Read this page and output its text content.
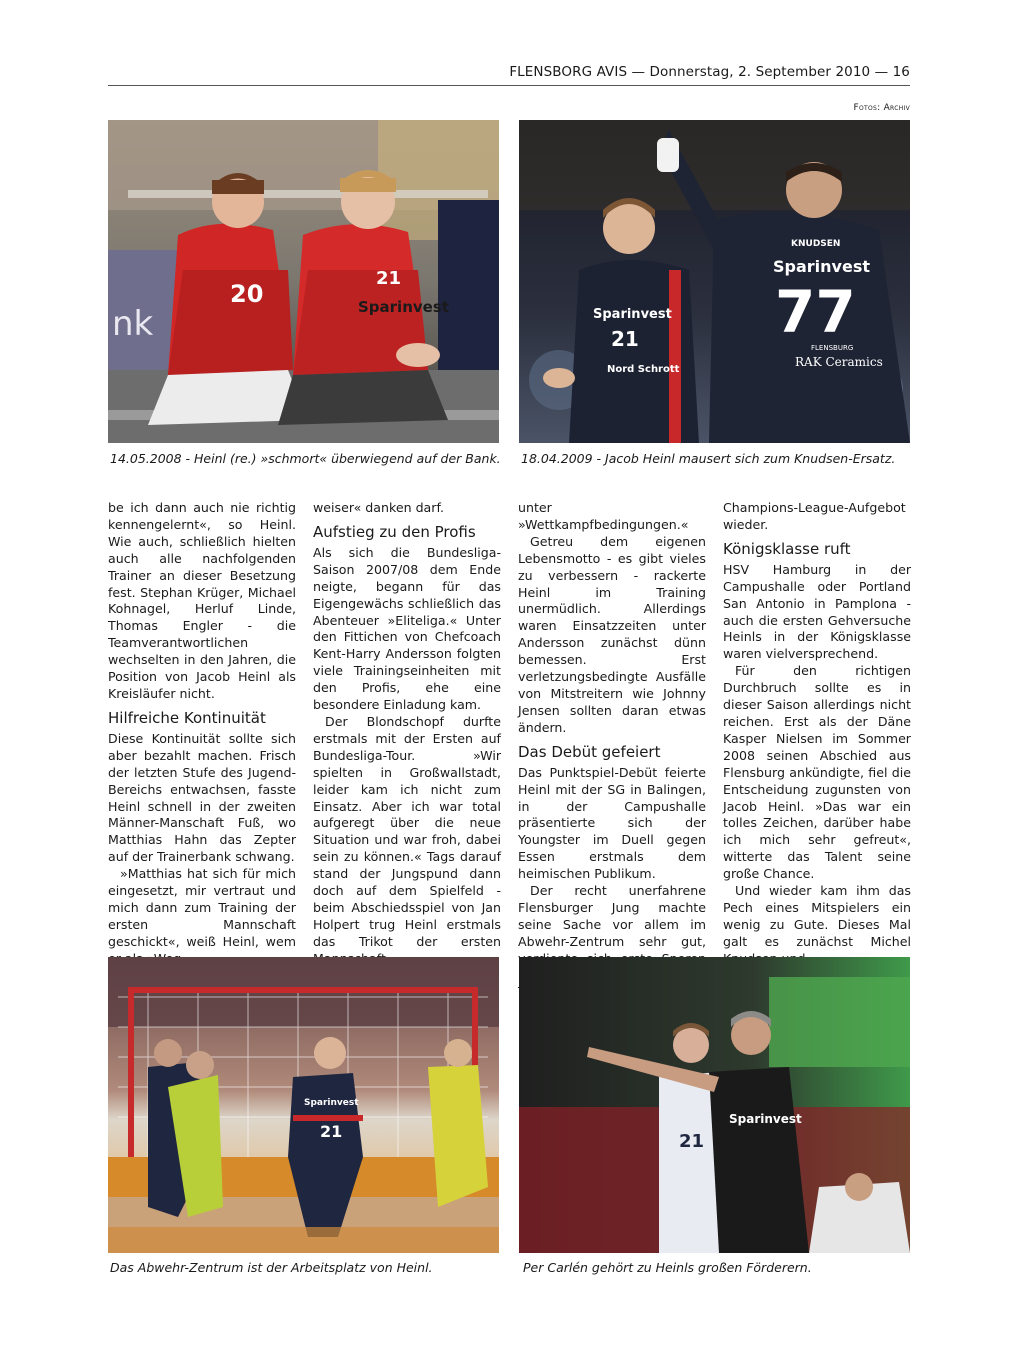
FLENSBORG AVIS — Donnerstag, 2. September 2010 — 16
Fotos: Archiv
nk
20
21
Sparinvest	Sparinvest
21
Nord Schrott
KNUDSEN
Sparinvest
77
FLENSBURG
RAK Ceramics
14.05.2008 - Heinl (re.) »schmort« überwiegend auf der Bank. 18.04.2009 - Jacob Heinl mausert sich zum Knudsen-Ersatz.

be ich dann auch nie richtig kennengelernt«, so Heinl. Wie auch, schließlich hielten auch alle nachfolgenden Trainer an dieser Besetzung fest. Stephan Krüger, Michael Kohnagel, Herluf Linde, Thomas Engler - die Teamverantwortlichen wechselten in den Jahren, die Position von Jacob Heinl als Kreisläufer nicht.

Hilfreiche Kontinuität

Diese Kontinuität sollte sich aber bezahlt machen. Frisch der letzten Stufe des Jugend-Bereichs entwachsen, fasste Heinl schnell in der zweiten Männer-Manschaft Fuß, wo Matthias Hahn das Zepter auf der Trainerbank schwang.

»Matthias hat sich für mich eingesetzt, mir vertraut und mich dann zum Training der ersten Mannschaft geschickt«, weiß Heinl, wem

weiser« danken darf.

Aufstieg zu den Profis

Als sich die Bundesliga-Saison 2007/08 dem Ende neigte, begann für das Eigengewächs schließlich das Abenteuer »Eliteliga.« Unter den Fittichen von Chefcoach Kent-Harry Andersson folgten viele Trainingseinheiten mit den Profis, ehe eine besondere Einladung kam.

Der Blondschopf durfte erstmals mit der Ersten auf Bundesliga-Tour. »Wir spielten in Großwallstadt, leider kam ich nicht zum Einsatz. Aber ich war total aufgeregt über die neue Situation und war froh, dabei sein zu können.« Tags darauf stand der Jungspund dann doch auf dem Spielfeld - beim Abschiedsspiel von Jan Holpert trug Heinl erstmals das Trikot der ersten

unter »Wettkampfbedingungen.«

Getreu dem eigenen Lebensmotto - es gibt vieles zu verbessern - rackerte Heinl im Training unermüdlich. Allerdings waren Einsatzzeiten unter Andersson zunächst dünn bemessen. Erst verletzungsbedingte Ausfälle von Mitstreitern wie Johnny Jensen sollten daran etwas ändern.

Das Debüt gefeiert

Das Punktspiel-Debüt feierte Heinl mit der SG in Balingen, in der Campushalle präsentierte sich der Youngster im Duell gegen Essen erstmals dem heimischen Publikum.

Der recht unerfahrene Flensburger Jung machte seine Sache vor allem im Abwehr-Zentrum sehr gut,

Champions-League-Aufgebot wieder.

Königsklasse ruft

HSV Hamburg in der Campushalle oder Portland San Antonio in Pamplona - auch die ersten Gehversuche Heinls in der Königsklasse waren vielversprechend.

Für den richtigen Durchbruch sollte es in dieser Saison allerdings nicht reichen. Erst als der Däne Kasper Nielsen im Sommer 2008 seinen Abschied aus Flensburg ankündigte, fiel die Entscheidung zugunsten von Jacob Heinl. »Das war ein tolles Zeichen, darüber habe ich mich sehr gefreut«, witterte das Talent seine große Chance.

Und wieder kam ihm das Pech eines Mitspielers ein wenig zu Gute. Dieses Mal galt es zunächst Michel

Sparinvest
21	21
Sparinvest
Das Abwehr-Zentrum ist der Arbeitsplatz von Heinl.	Per Carlén gehört zu Heinls großen Förderern.
